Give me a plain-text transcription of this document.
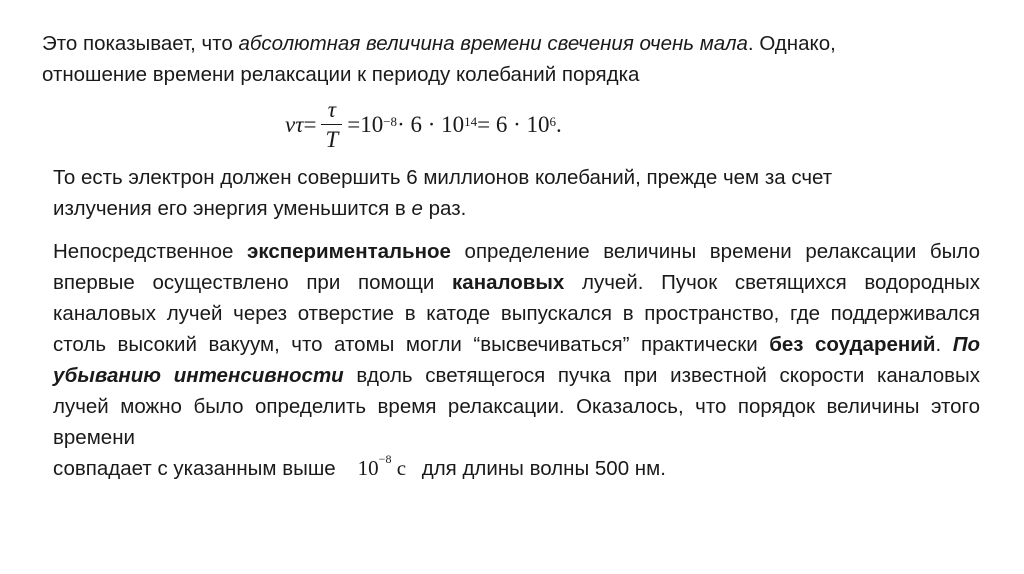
Это показывает, что абсолютная величина времени свечения очень мала. Однако,
отношение времени релаксации к периоду колебаний порядка

$\nu\tau = \frac{\tau}{T} =10^{-8} \cdot 6 \cdot 10^{14} = 6 \cdot 10^6$ .

То есть электрон должен совершить 6 миллионов колебаний, прежде чем за счет
излучения его энергия уменьшится в е раз.

Непосредственное экспериментальное определение величины времени релаксации было впервые осуществлено при помощи каналовых лучей. Пучок светящихся водородных каналовых лучей через отверстие в катоде выпускался в пространство, где поддерживался столь высокий вакуум, что атомы могли “высвечиваться” практически без соударений. По убыванию интенсивности вдоль светящегося пучка при известной скорости каналовых лучей можно было определить время релаксации. Оказалось, что порядок величины этого времени
совпадает с указанным выше $10^{-8}$ с для длины волны 500 нм.
